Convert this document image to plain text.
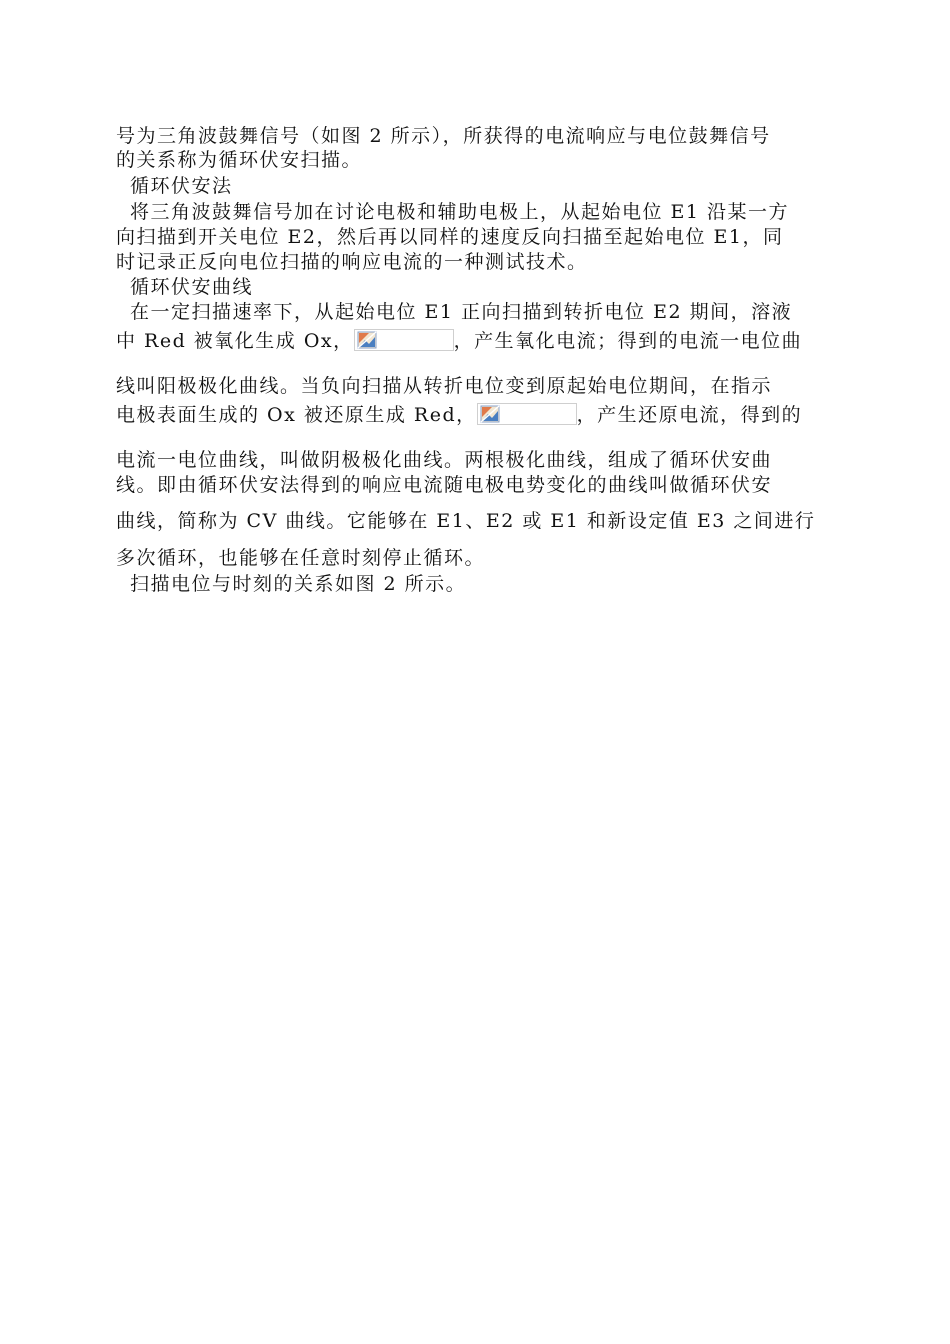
号为三角波鼓舞信号（如图 2 所示），所获得的电流响应与电位鼓舞信号
的关系称为循环伏安扫描。
循环伏安法
将三角波鼓舞信号加在讨论电极和辅助电极上，从起始电位 E1 沿某一方
向扫描到开关电位 E2，然后再以同样的速度反向扫描至起始电位 E1，同
时记录正反向电位扫描的响应电流的一种测试技术。
循环伏安曲线
在一定扫描速率下，从起始电位 E1 正向扫描到转折电位 E2 期间，溶液
中 Red 被氧化生成 Ox，	，产生氧化电流；得到的电流一电位曲
线叫阳极极化曲线。当负向扫描从转折电位变到原起始电位期间，在指示
电极表面生成的 Ox 被还原生成 Red，	，产生还原电流，得到的
电流一电位曲线，叫做阴极极化曲线。两根极化曲线，组成了循环伏安曲
线。即由循环伏安法得到的响应电流随电极电势变化的曲线叫做循环伏安
曲线，简称为 CV 曲线。它能够在 E1、E2 或 E1 和新设定值 E3 之间进行
多次循环，也能够在任意时刻停止循环。
扫描电位与时刻的关系如图 2 所示。
